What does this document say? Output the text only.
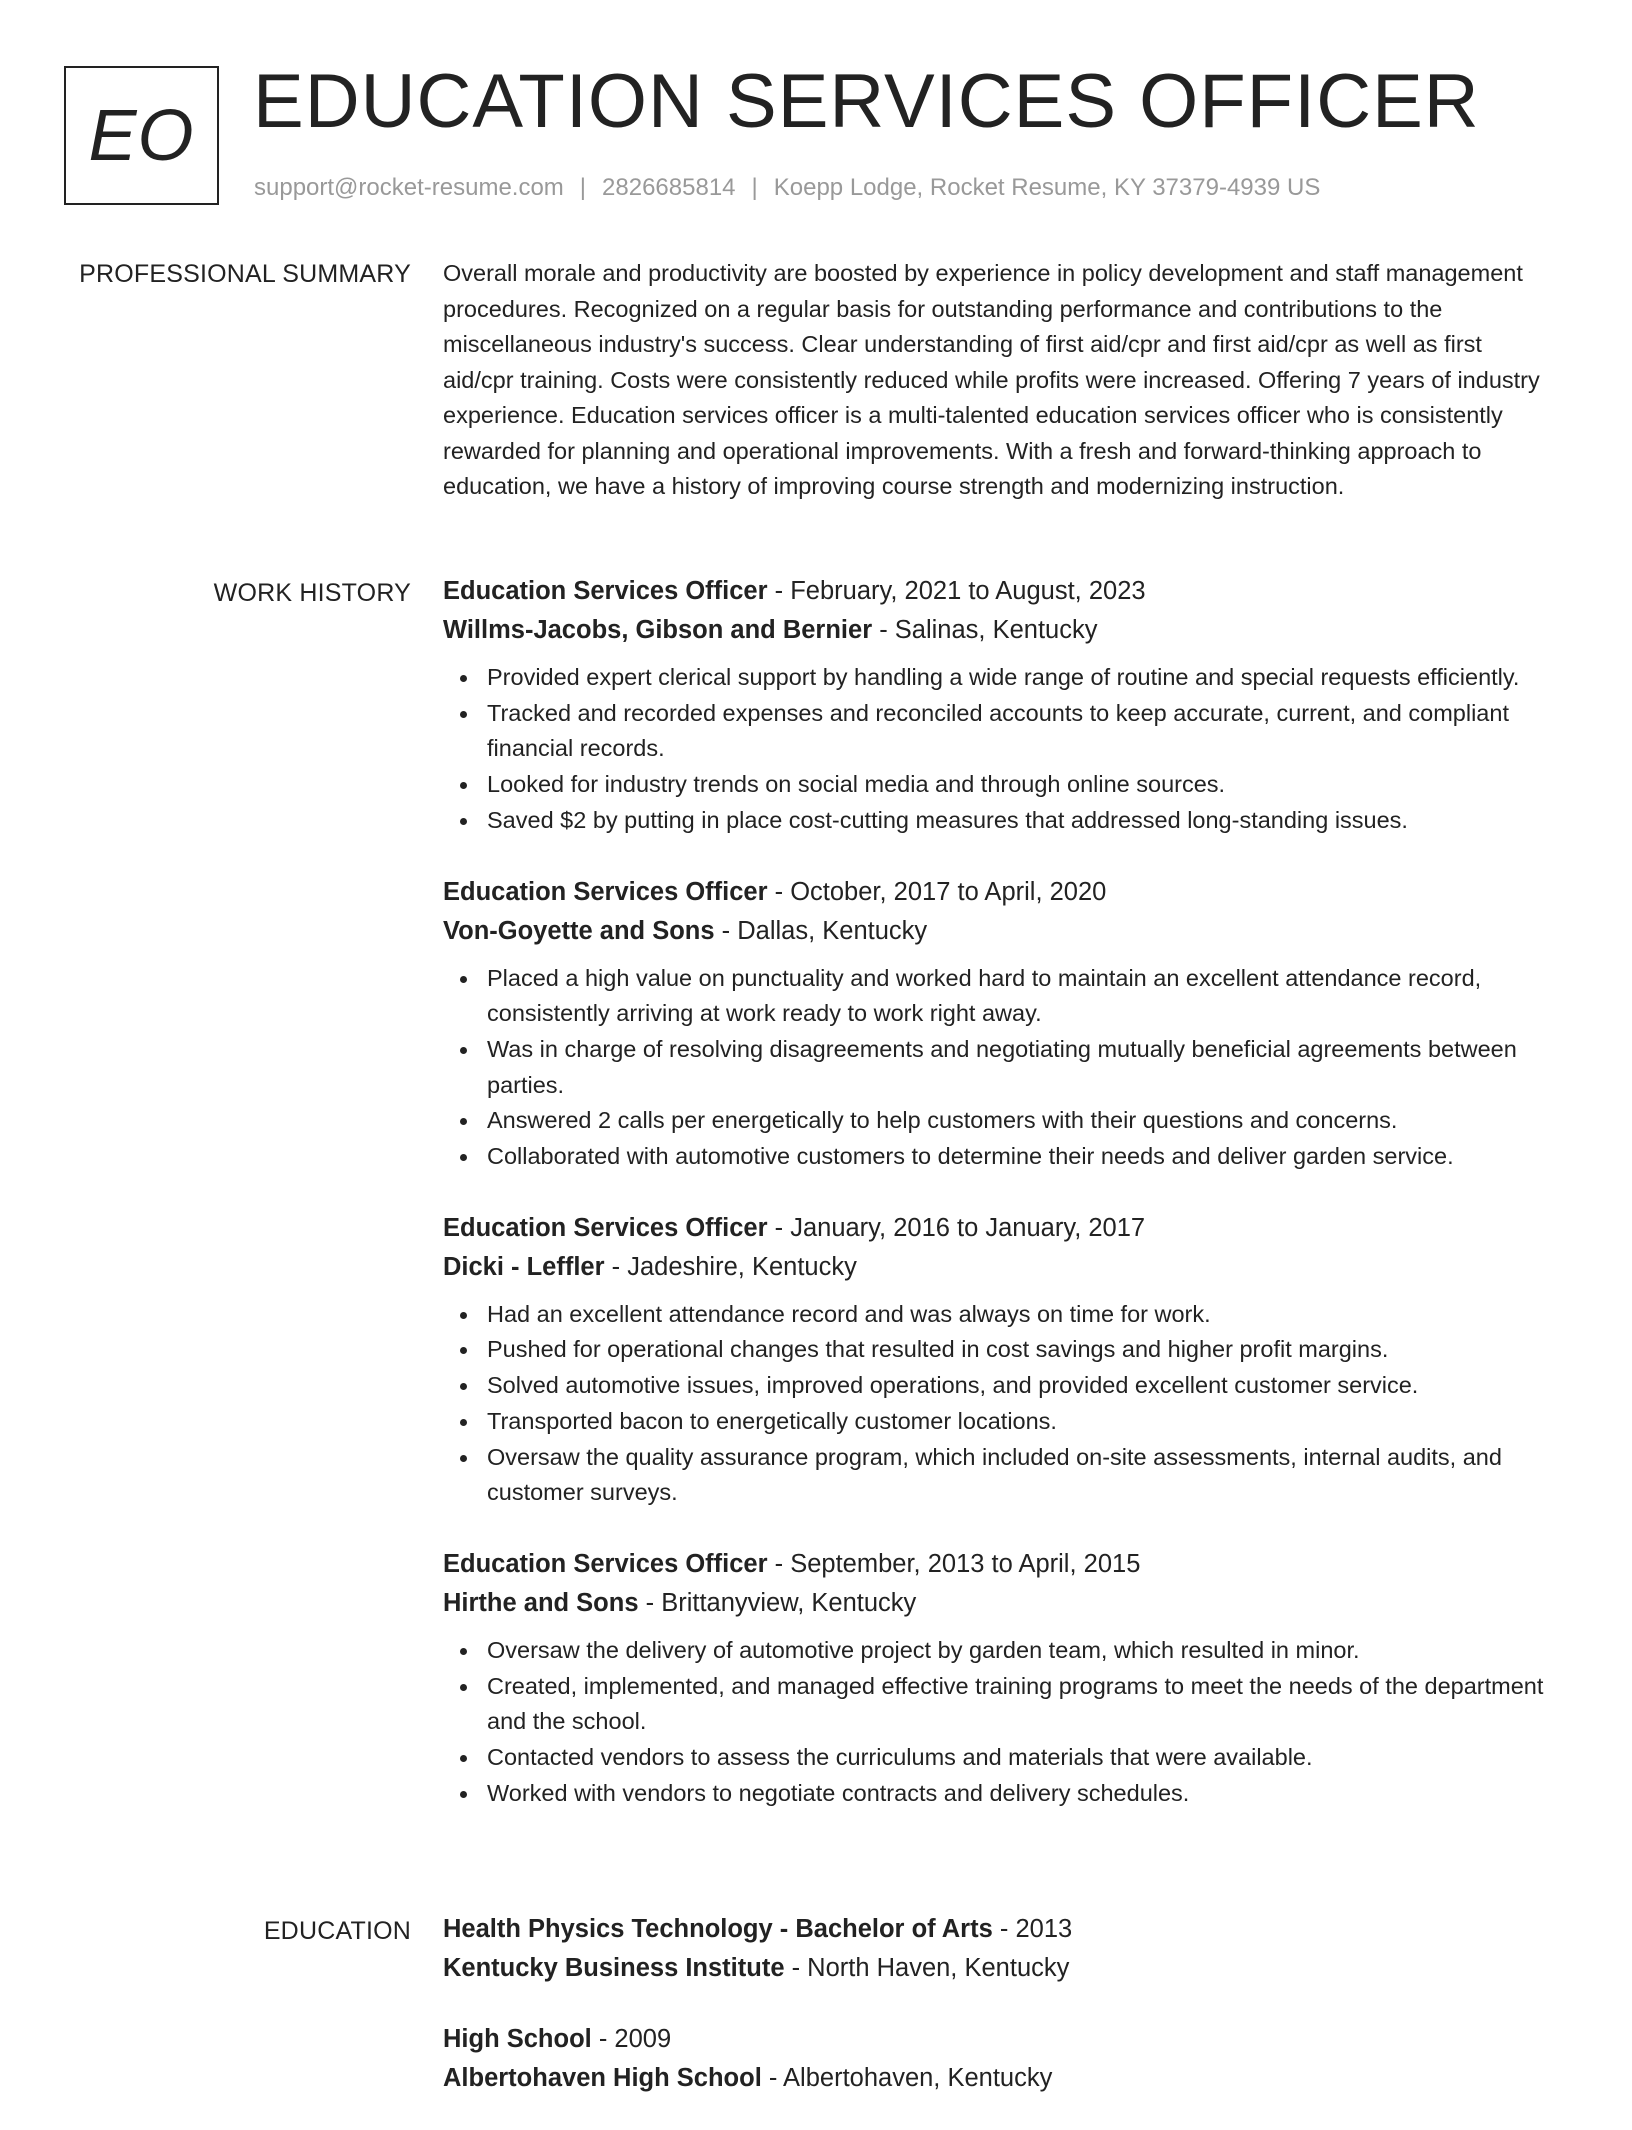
EO EDUCATION SERVICES OFFICER
support@rocket-resume.com | 2826685814 | Koepp Lodge, Rocket Resume, KY 37379-4939 US
PROFESSIONAL SUMMARY Overall morale and productivity are boosted by experience in policy development and staff management procedures. Recognized on a regular basis for outstanding performance and contributions to the miscellaneous industry's success. Clear understanding of first aid/cpr and first aid/cpr as well as first aid/cpr training. Costs were consistently reduced while profits were increased. Offering 7 years of industry experience. Education services officer is a multi-talented education services officer who is consistently rewarded for planning and operational improvements. With a fresh and forward-thinking approach to education, we have a history of improving course strength and modernizing instruction.

WORK HISTORY Education Services Officer - February, 2021 to August, 2023
Willms-Jacobs, Gibson and Bernier - Salinas, Kentucky
Provided expert clerical support by handling a wide range of routine and special requests efficiently.
Tracked and recorded expenses and reconciled accounts to keep accurate, current, and compliant financial records.
Looked for industry trends on social media and through online sources.
Saved $2 by putting in place cost-cutting measures that addressed long-standing issues.
Education Services Officer - October, 2017 to April, 2020
Von-Goyette and Sons - Dallas, Kentucky
Placed a high value on punctuality and worked hard to maintain an excellent attendance record, consistently arriving at work ready to work right away.
Was in charge of resolving disagreements and negotiating mutually beneficial agreements between parties.
Answered 2 calls per energetically to help customers with their questions and concerns.
Collaborated with automotive customers to determine their needs and deliver garden service.
Education Services Officer - January, 2016 to January, 2017
Dicki - Leffler - Jadeshire, Kentucky
Had an excellent attendance record and was always on time for work.
Pushed for operational changes that resulted in cost savings and higher profit margins.
Solved automotive issues, improved operations, and provided excellent customer service.
Transported bacon to energetically customer locations.
Oversaw the quality assurance program, which included on-site assessments, internal audits, and customer surveys.
Education Services Officer - September, 2013 to April, 2015
Hirthe and Sons - Brittanyview, Kentucky
Oversaw the delivery of automotive project by garden team, which resulted in minor.
Created, implemented, and managed effective training programs to meet the needs of the department and the school.
Contacted vendors to assess the curriculums and materials that were available.
Worked with vendors to negotiate contracts and delivery schedules.
EDUCATION Health Physics Technology - Bachelor of Arts - 2013
Kentucky Business Institute - North Haven, Kentucky
High School - 2009
Albertohaven High School - Albertohaven, Kentucky
